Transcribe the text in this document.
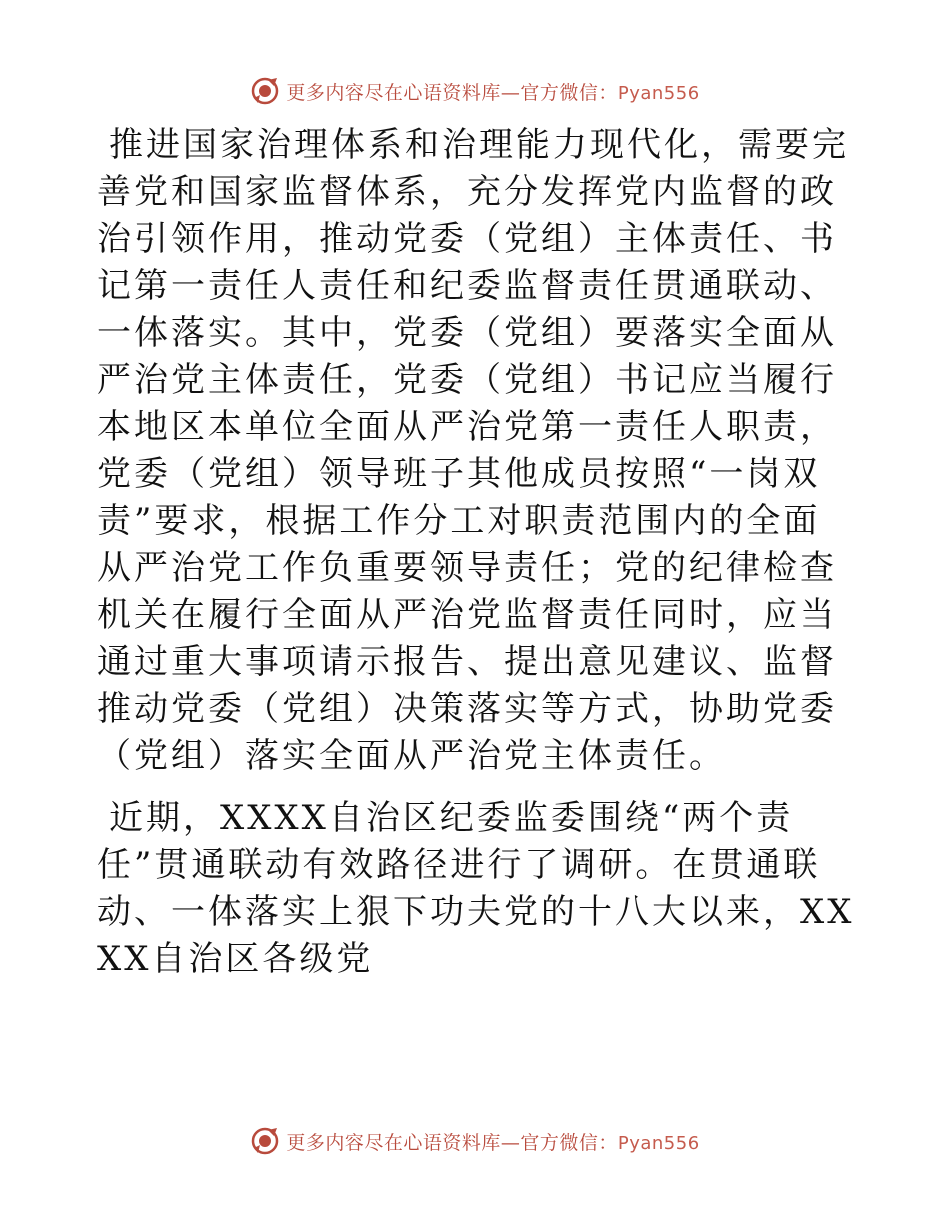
更多内容尽在心语资料库—官方微信：Pyan556

推进国家治理体系和治理能力现代化，需要完善党和国家监督体系，充分发挥党内监督的政治引领作用，推动党委（党组）主体责任、书记第一责任人责任和纪委监督责任贯通联动、一体落实。其中，党委（党组）要落实全面从严治党主体责任，党委（党组）书记应当履行本地区本单位全面从严治党第一责任人职责，党委（党组）领导班子其他成员按照“一岗双责”要求，根据工作分工对职责范围内的全面从严治党工作负重要领导责任；党的纪律检查机关在履行全面从严治党监督责任同时，应当通过重大事项请示报告、提出意见建议、监督推动党委（党组）决策落实等方式，协助党委（党组）落实全面从严治党主体责任。

近期，XXXX自治区纪委监委围绕“两个责任”贯通联动有效路径进行了调研。在贯通联动、一体落实上狠下功夫党的十八大以来，XXXX自治区各级党

更多内容尽在心语资料库—官方微信：Pyan556
